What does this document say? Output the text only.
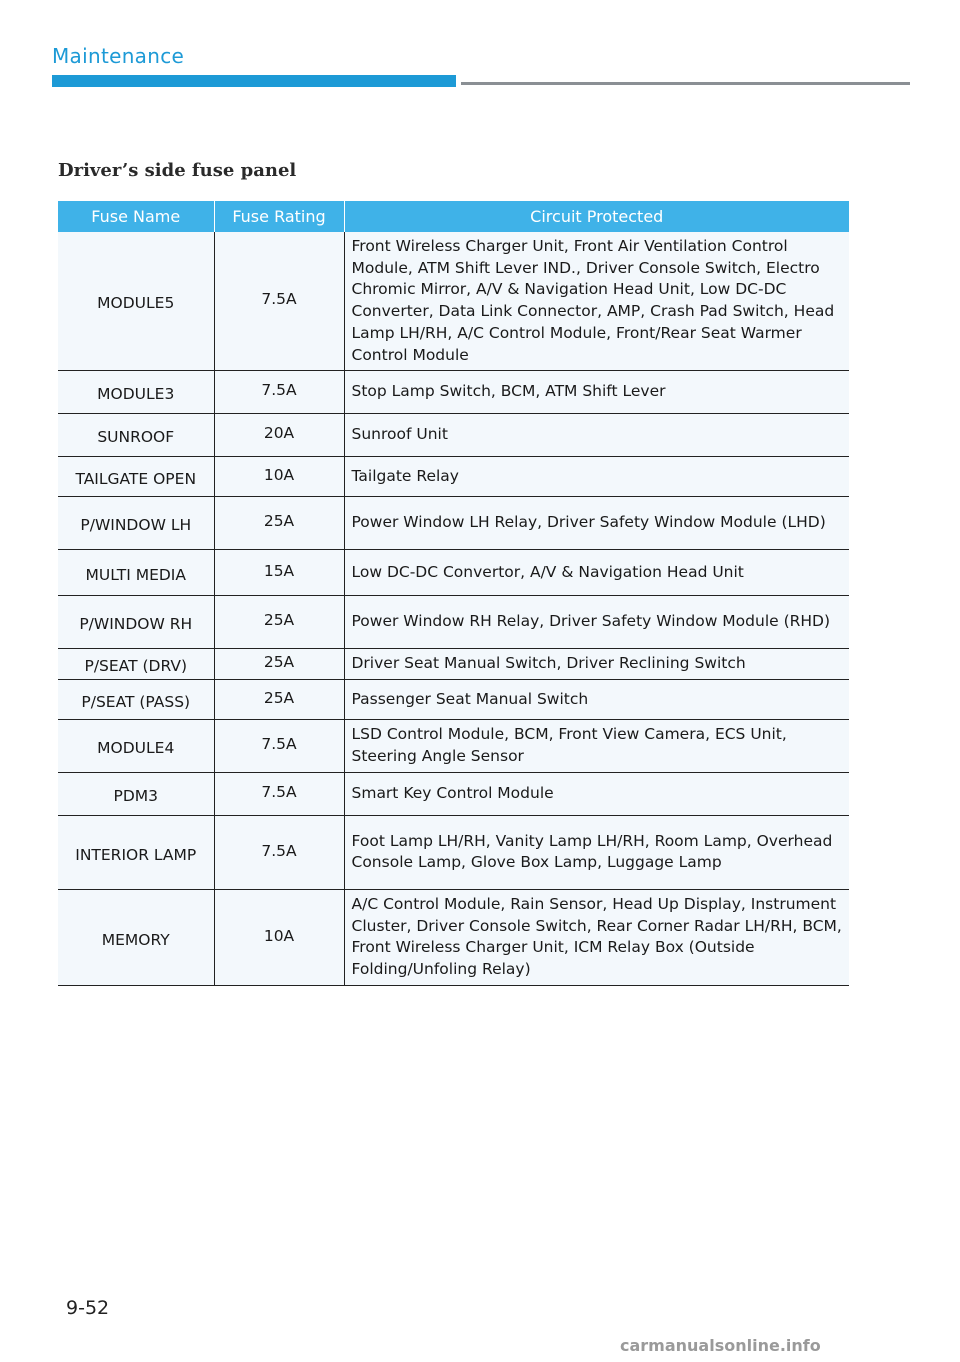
Maintenance
Driver’s side fuse panel
Fuse Name	Fuse Rating	Circuit Protected

MODULE5	7.5A	Front Wireless Charger Unit, Front Air Ventilation Control Module, ATM Shift Lever IND., Driver Console Switch, Electro Chromic Mirror, A/V & Navigation Head Unit, Low DC-DC Converter, Data Link Connector, AMP, Crash Pad Switch, Head Lamp LH/RH, A/C Control Module, Front/Rear Seat Warmer Control Module

MODULE3	7.5A	Stop Lamp Switch, BCM, ATM Shift Lever

SUNROOF	20A	Sunroof Unit

TAILGATE OPEN	10A	Tailgate Relay

P/WINDOW LH	25A	Power Window LH Relay, Driver Safety Window Module (LHD)

MULTI MEDIA	15A	Low DC-DC Convertor, A/V & Navigation Head Unit

P/WINDOW RH	25A	Power Window RH Relay, Driver Safety Window Module (RHD)

P/SEAT (DRV)	25A	Driver Seat Manual Switch, Driver Reclining Switch

P/SEAT (PASS)	25A	Passenger Seat Manual Switch

MODULE4	7.5A	LSD Control Module, BCM, Front View Camera, ECS Unit, Steering Angle Sensor

PDM3	7.5A	Smart Key Control Module

INTERIOR LAMP	7.5A	Foot Lamp LH/RH, Vanity Lamp LH/RH, Room Lamp, Overhead Console Lamp, Glove Box Lamp, Luggage Lamp

MEMORY	10A	A/C Control Module, Rain Sensor, Head Up Display, Instrument Cluster, Driver Console Switch, Rear Corner Radar LH/RH, BCM, Front Wireless Charger Unit, ICM Relay Box (Outside Folding/Unfoling Relay)
9-52
carmanualsonline.info
